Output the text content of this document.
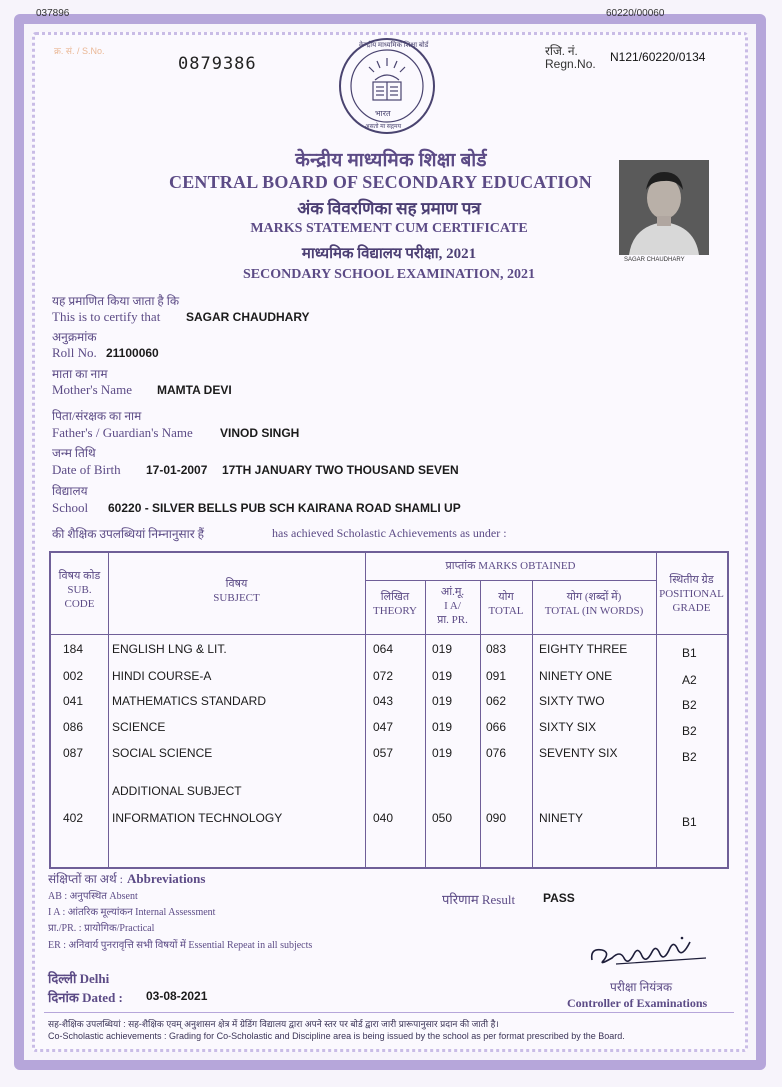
037896	60220/00060
क्र. सं. / S.No.
0879386
रजि. नं.
Regn.No. N121/60220/0134
केन्द्रीय माध्यमिक शिक्षा बोर्ड
भारत
असतो मा सद्गमय
केन्द्रीय माध्यमिक शिक्षा बोर्ड
CENTRAL BOARD OF SECONDARY EDUCATION
अंक विवरणिका सह प्रमाण पत्र
MARKS STATEMENT CUM CERTIFICATE
माध्यमिक विद्यालय परीक्षा, 2021
SECONDARY SCHOOL EXAMINATION, 2021
SAGAR CHAUDHARY
यह प्रमाणित किया जाता है कि
This is to certify that SAGAR CHAUDHARY
अनुक्रमांक
Roll No. 21100060
माता का नाम
Mother's Name MAMTA DEVI
पिता/संरक्षक का नाम
Father's / Guardian's Name VINOD SINGH
जन्म तिथि
Date of Birth 17-01-2007 17TH JANUARY TWO THOUSAND SEVEN
विद्यालय
School 60220 - SILVER BELLS PUB SCH KAIRANA ROAD SHAMLI UP
की शैक्षिक उपलब्धियां निम्नानुसार हैं	has achieved Scholastic Achievements as under :
विषय कोड
SUB. CODE
विषय
SUBJECT
प्राप्तांक MARKS OBTAINED
लिखित
THEORY
आं.मू.
I A/
प्रा. PR.
योग
TOTAL
योग (शब्दों में)
TOTAL (IN WORDS)
स्थितीय ग्रेड
POSITIONAL GRADE
184 ENGLISH LNG & LIT.	064	019	083	EIGHTY THREE	B1
002 HINDI COURSE-A	072	019	091	NINETY ONE	A2
041 MATHEMATICS STANDARD	043	019	062	SIXTY TWO	B2
086 SCIENCE	047	019	066	SIXTY SIX	B2
087 SOCIAL SCIENCE	057	019	076	SEVENTY SIX	B2
402 INFORMATION TECHNOLOGY	040	050	090	NINETY	B1
ADDITIONAL SUBJECT
संक्षिप्तों का अर्थ : Abbreviations
AB : अनुपस्थित Absent
I A : आंतरिक मूल्यांकन Internal Assessment
प्रा./PR. : प्रायोगिक/Practical
ER : अनिवार्य पुनरावृत्ति सभी विषयों में Essential Repeat in all subjects
परिणाम Result PASS
दिल्ली Delhi
दिनांक Dated : 03-08-2021
परीक्षा नियंत्रक
Controller of Examinations
सह-शैक्षिक उपलब्धियां : सह-शैक्षिक एवम् अनुशासन क्षेत्र में ग्रेडिंग विद्यालय द्वारा अपने स्तर पर बोर्ड द्वारा जारी प्रारूपानुसार प्रदान की जाती है।
Co-Scholastic achievements : Grading for Co-Scholastic and Discipline area is being issued by the school as per format prescribed by the Board.
